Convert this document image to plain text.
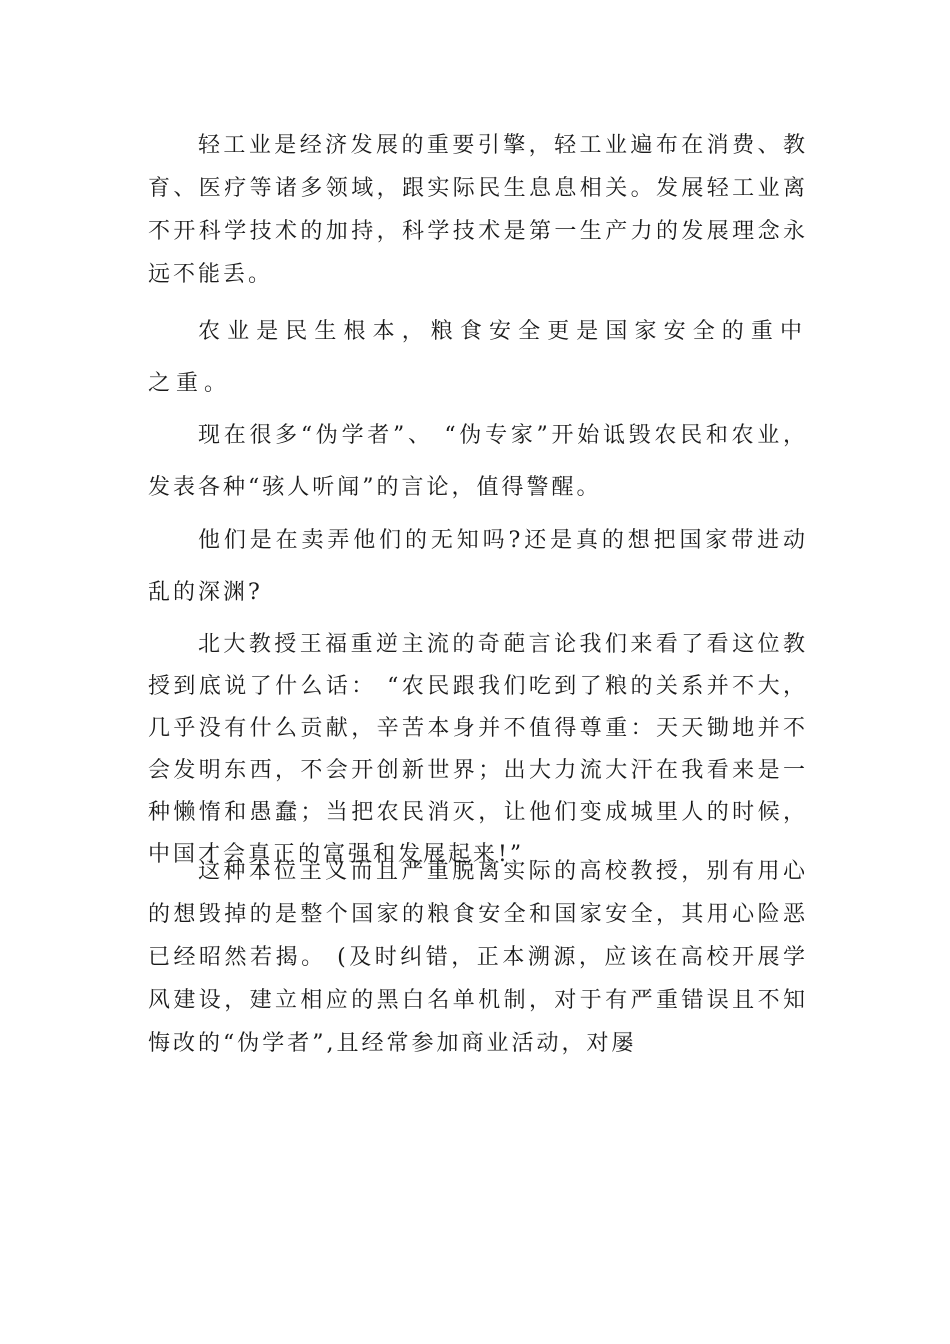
轻工业是经济发展的重要引擎，轻工业遍布在消费、教育、医疗等诸多领域，跟实际民生息息相关。发展轻工业离不开科学技术的加持，科学技术是第一生产力的发展理念永远不能丢。

农业是民生根本，粮食安全更是国家安全的重中之重。

现在很多“伪学者”、 “伪专家”开始诋毁农民和农业，发表各种“骇人听闻”的言论，值得警醒。

他们是在卖弄他们的无知吗?还是真的想把国家带进动乱的深渊?

北大教授王福重逆主流的奇葩言论我们来看了看这位教授到底说了什么话： “农民跟我们吃到了粮的关系并不大，几乎没有什么贡献，辛苦本身并不值得尊重：天天锄地并不会发明东西，不会开创新世界；出大力流大汗在我看来是一种懒惰和愚蠢；当把农民消灭，让他们变成城里人的时候，中国才会真正的富强和发展起来!”

这种本位主义而且严重脱离实际的高校教授，别有用心的想毁掉的是整个国家的粮食安全和国家安全，其用心险恶已经昭然若揭。 (及时纠错，正本溯源，应该在高校开展学风建设，建立相应的黑白名单机制，对于有严重错误且不知悔改的“伪学者”,且经常参加商业活动，对屡
